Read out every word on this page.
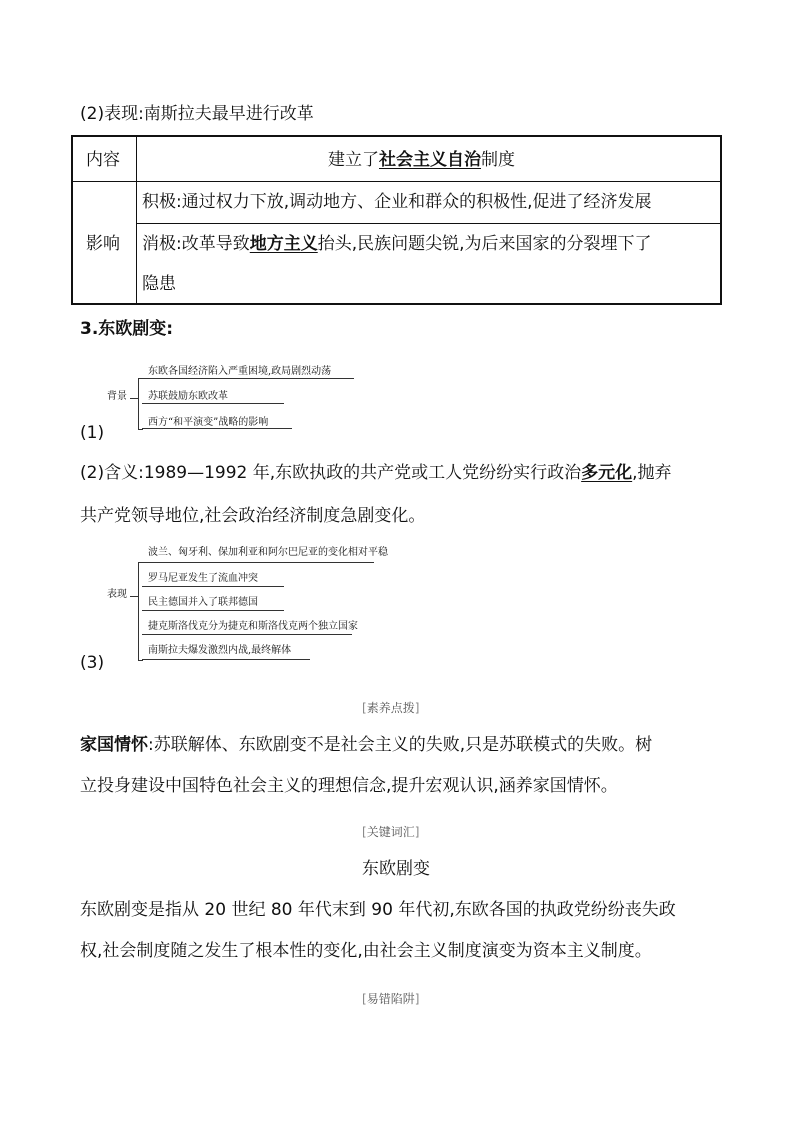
(2)表现:南斯拉夫最早进行改革
内容	建立了社会主义自治制度
影响
积极:通过权力下放,调动地方、企业和群众的积极性,促进了经济发展
消极:改革导致地方主义抬头,民族问题尖锐,为后来国家的分裂埋下了
隐患
3.东欧剧变:
(1)
背景
东欧各国经济陷入严重困境,政局剧烈动荡
苏联鼓励东欧改革
西方“和平演变”战略的影响
(2)含义:1989—1992 年,东欧执政的共产党或工人党纷纷实行政治多元化,抛弃
共产党领导地位,社会政治经济制度急剧变化。
(3)
表现
波兰、匈牙利、保加利亚和阿尔巴尼亚的变化相对平稳
罗马尼亚发生了流血冲突
民主德国并入了联邦德国
捷克斯洛伐克分为捷克和斯洛伐克两个独立国家
南斯拉夫爆发激烈内战,最终解体
[素养点拨]
家国情怀:苏联解体、东欧剧变不是社会主义的失败,只是苏联模式的失败。树
立投身建设中国特色社会主义的理想信念,提升宏观认识,涵养家国情怀。
[关键词汇]
东欧剧变
东欧剧变是指从 20 世纪 80 年代末到 90 年代初,东欧各国的执政党纷纷丧失政
权,社会制度随之发生了根本性的变化,由社会主义制度演变为资本主义制度。
[易错陷阱]
